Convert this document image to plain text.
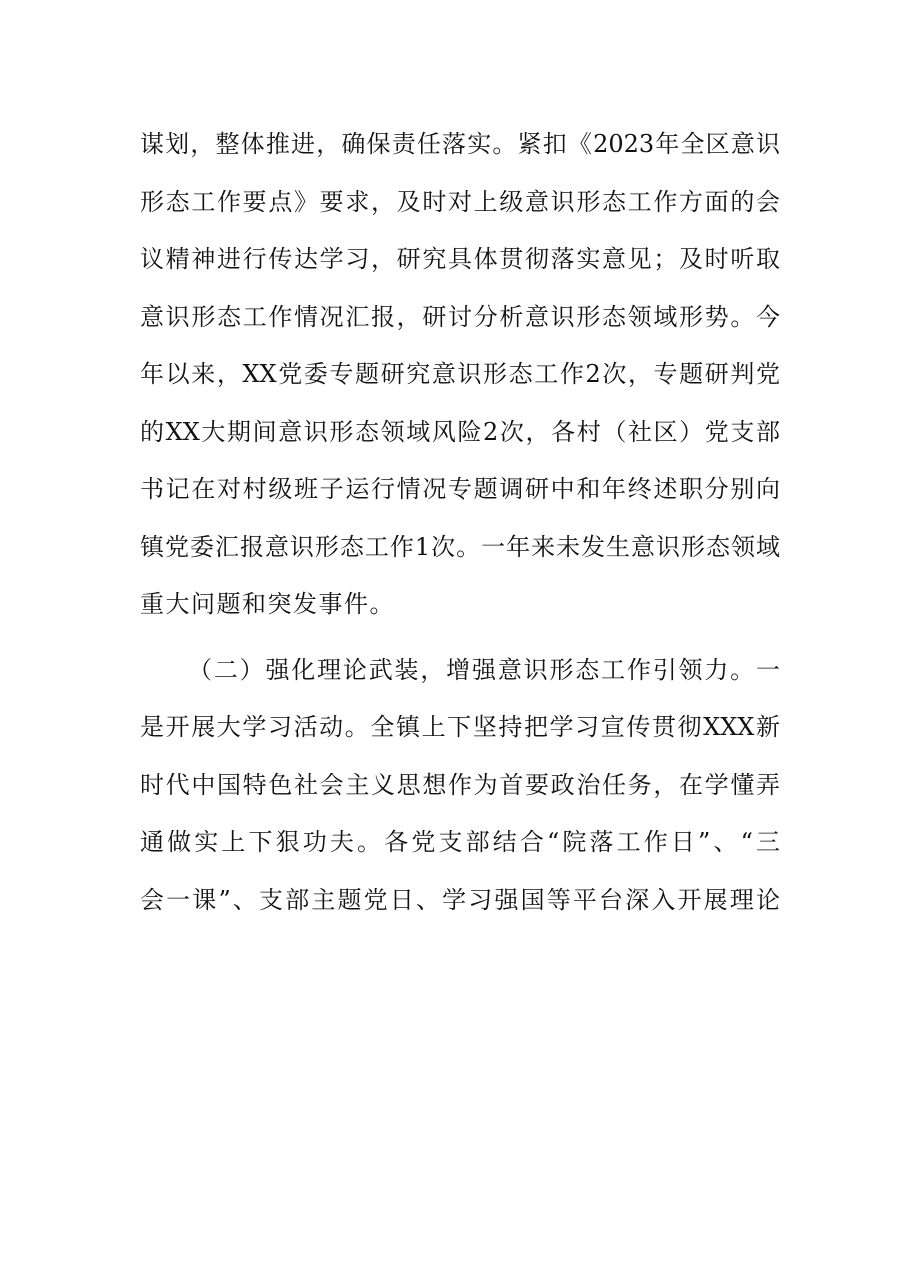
谋划，整体推进，确保责任落实。紧扣《2023年全区意识
形态工作要点》要求，及时对上级意识形态工作方面的会
议精神进行传达学习，研究具体贯彻落实意见；及时听取
意识形态工作情况汇报，研讨分析意识形态领域形势。今
年以来，XX党委专题研究意识形态工作2次，专题研判党
的XX大期间意识形态领域风险2次，各村（社区）党支部
书记在对村级班子运行情况专题调研中和年终述职分别向
镇党委汇报意识形态工作1次。一年来未发生意识形态领域
重大问题和突发事件。
（二）强化理论武装，增强意识形态工作引领力。一
是开展大学习活动。全镇上下坚持把学习宣传贯彻XXX新
时代中国特色社会主义思想作为首要政治任务，在学懂弄
通做实上下狠功夫。各党支部结合“院落工作日”、“三
会一课”、支部主题党日、学习强国等平台深入开展理论
